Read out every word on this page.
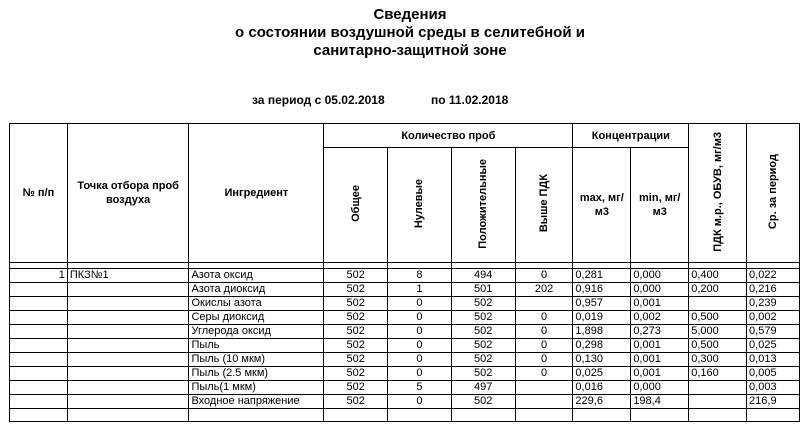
Сведения
о состоянии воздушной среды в селитебной и
санитарно-защитной зоне
за период с 05.02.2018	по 11.02.2018
№ п/п	Точка отбора проб воздуха	Ингредиент	Количество проб				Концентрации		ПДК м.р., ОБУВ, мг/м3	Ср. за период
			Общее	Нулевые	Положительные	Выше ПДК	max, мг/м3	min, мг/м3		

1	ПКЗ№1	Азота оксид	502	8	494	0	0,281	0,000	0,400	0,022
		Азота диоксид	502	1	501	202	0,916	0,000	0,200	0,216
		Окислы азота	502	0	502		0,957	0,001		0,239
		Серы диоксид	502	0	502	0	0,019	0,002	0,500	0,002
		Углерода оксид	502	0	502	0	1,898	0,273	5,000	0,579
		Пыль	502	0	502	0	0,298	0,001	0,500	0,025
		Пыль (10 мкм)	502	0	502	0	0,130	0,001	0,300	0,013
		Пыль (2.5 мкм)	502	0	502	0	0,025	0,001	0,160	0,005
		Пыль(1 мкм)	502	5	497		0,016	0,000		0,003
		Входное напряжение	502	0	502		229,6	198,4		216,9
